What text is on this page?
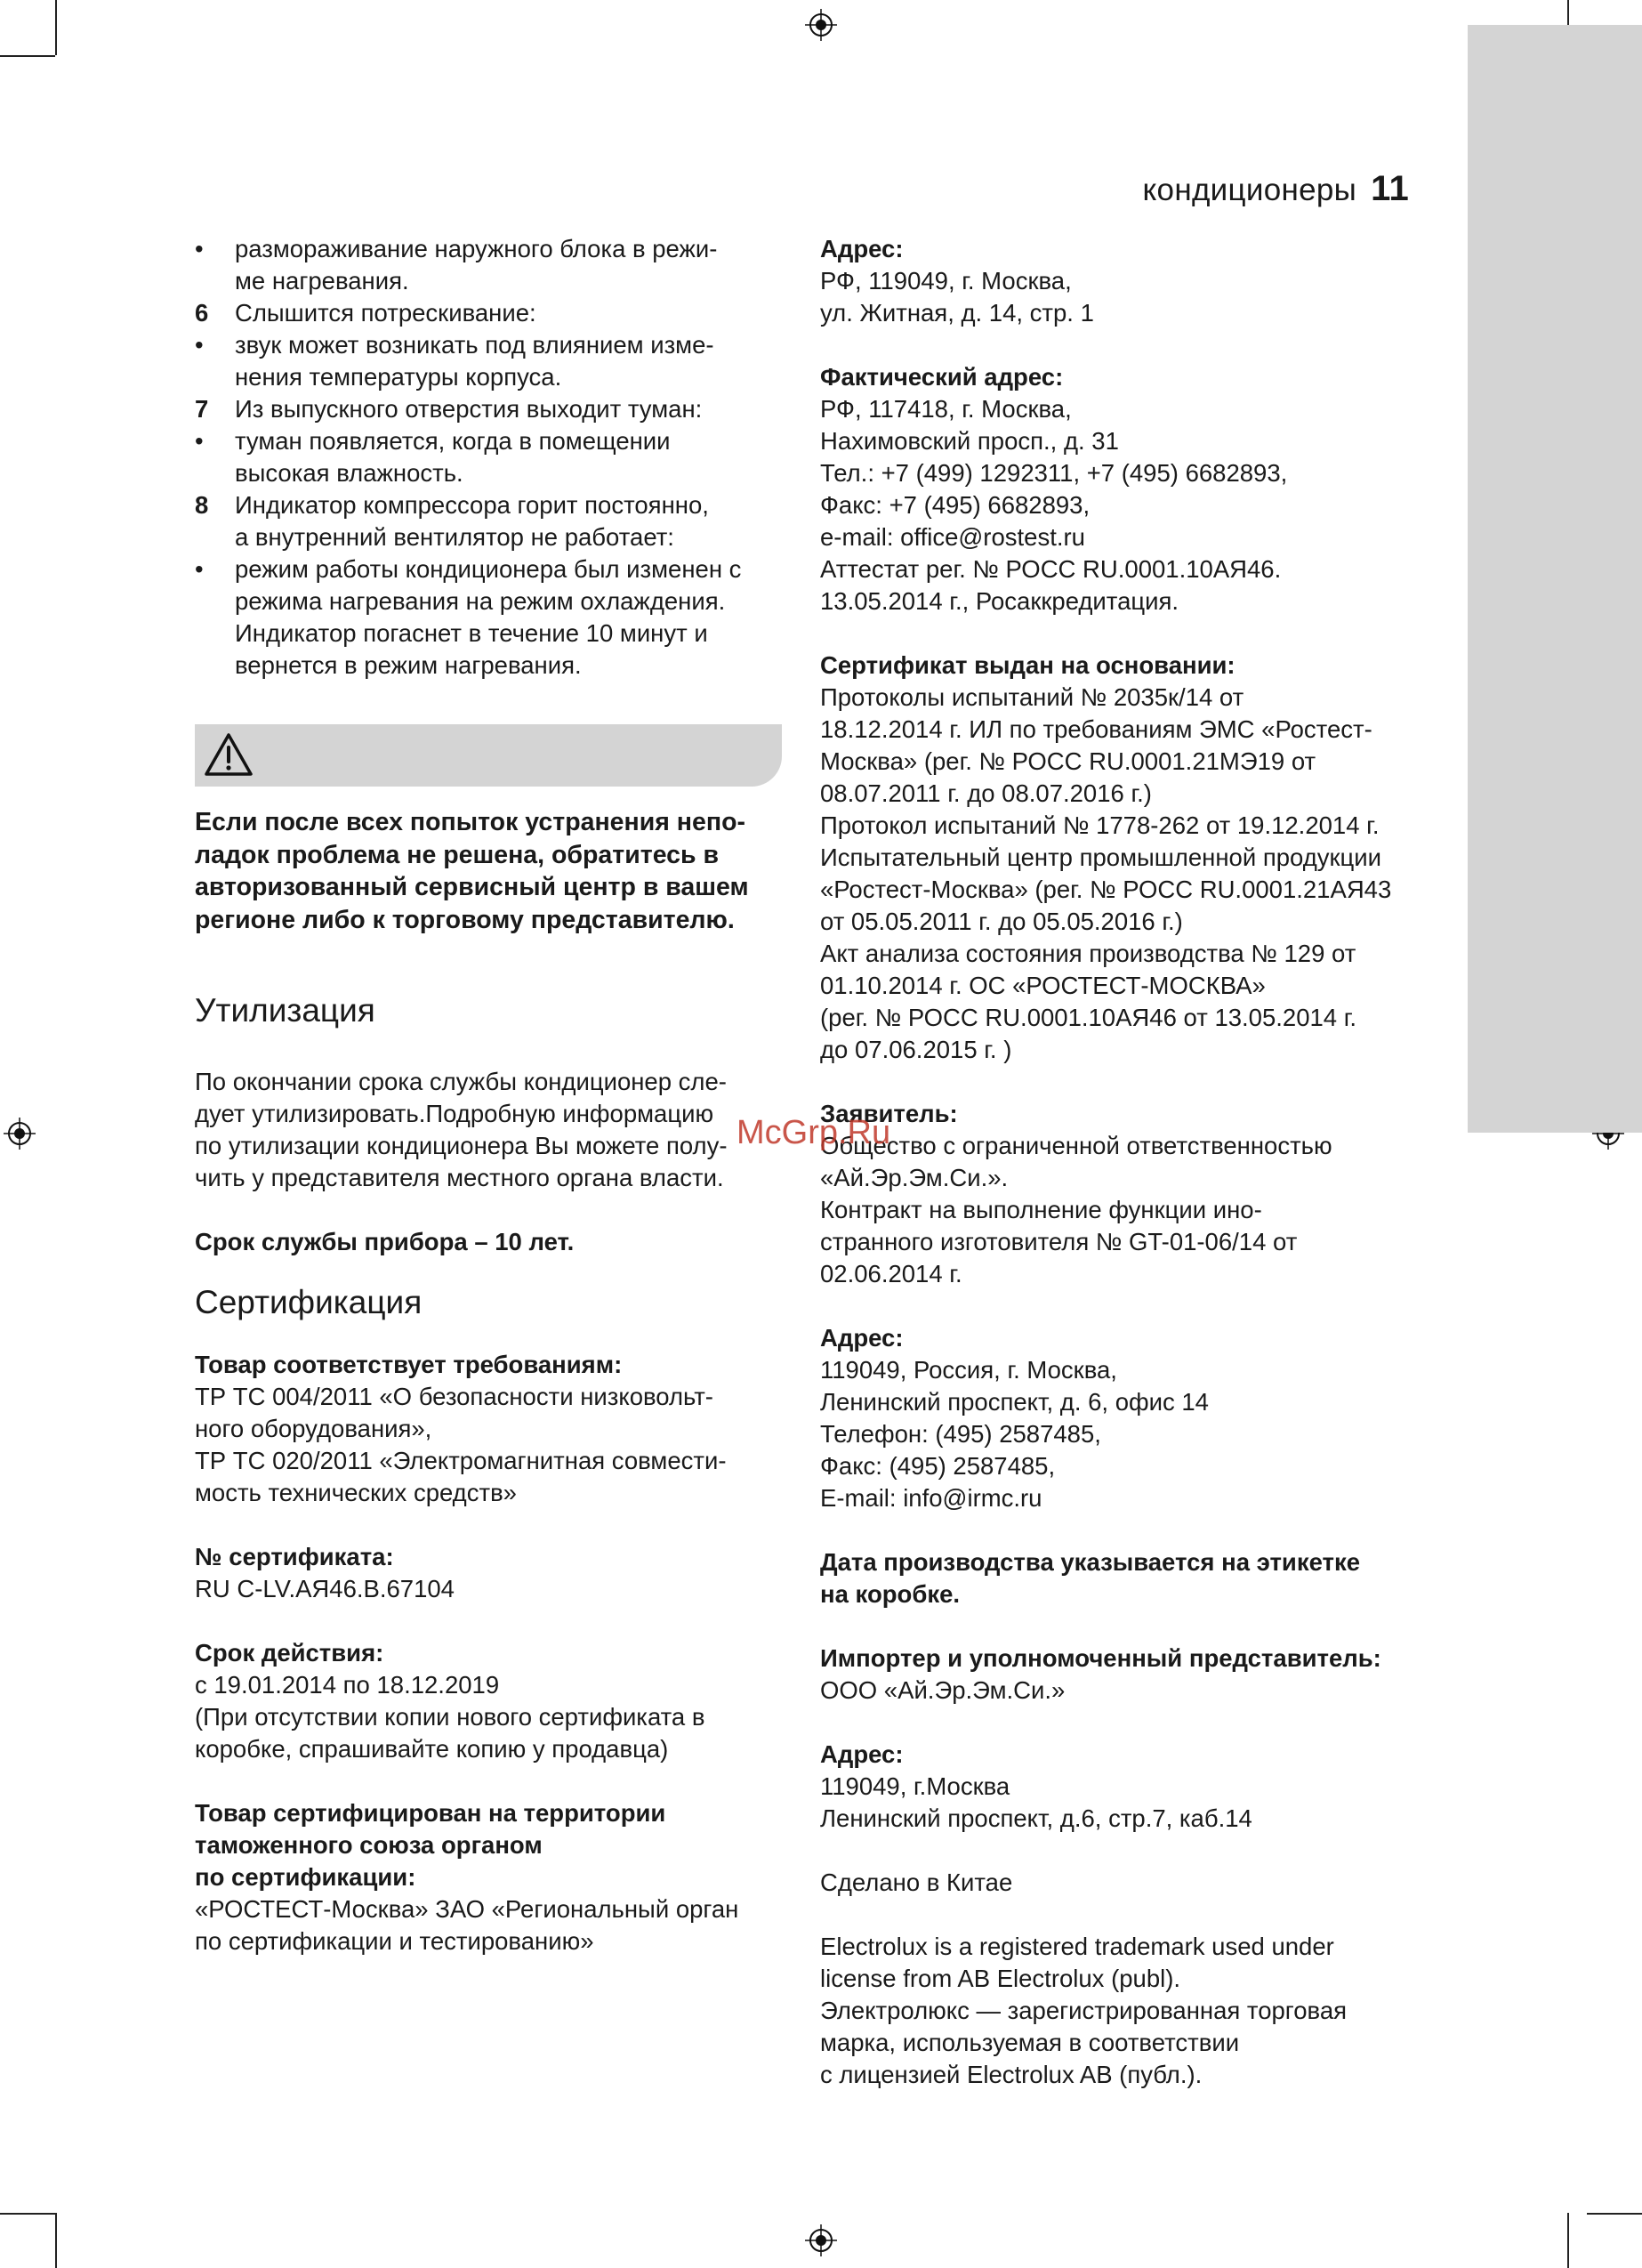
кондиционеры 11
•	размораживание наружного блока в режи-
ме нагревания.
6	Слышится потрескивание:
•	звук может возникать под влиянием изме-
нения температуры корпуса.
7	Из выпускного отверстия выходит туман:
•	туман появляется, когда в помещении
высокая влажность.
8	Индикатор компрессора горит постоянно,
а внутренний вентилятор не работает:
•	режим работы кондиционера был изменен с
режима нагревания на режим охлаждения.
Индикатор погаснет в течение 10 минут и
вернется в режим нагревания.
Если после всех попыток устранения непо-
ладок проблема не решена, обратитесь в
авторизованный сервисный центр в вашем
регионе либо к торговому представителю.
Утилизация
По окончании срока службы кондиционер сле-
дует утилизировать.Подробную информацию
по утилизации кондиционера Вы можете полу-
чить у представителя местного органа власти.
Срок службы прибора – 10 лет.
Сертификация
Товар соответствует требованиям:
ТР ТС 004/2011 «О безопасности низковольт-
ного оборудования»,
ТР ТС 020/2011 «Электромагнитная совмести-
мость технических средств»
№ сертификата:
RU C-LV.АЯ46.В.67104
Срок действия:
с 19.01.2014 по 18.12.2019
(При отсутствии копии нового сертификата в
коробке, спрашивайте копию у продавца)
Товар сертифицирован на территории
таможенного союза органом
по сертификации:
«РОСТЕСТ-Москва» ЗАО «Региональный орган
по сертификации и тестированию»
Адрес:
РФ, 119049, г. Москва,
ул. Житная, д. 14, стр. 1
Фактический адрес:
РФ, 117418, г. Москва,
Нахимовский просп., д. 31
Тел.: +7 (499) 1292311, +7 (495) 6682893,
Факс: +7 (495) 6682893,
e-mail: office@rostest.ru
Аттестат рег. № РОСС RU.0001.10АЯ46.
13.05.2014 г., Росаккредитация.
Сертификат выдан на основании:
Протоколы испытаний № 2035к/14 от
18.12.2014 г. ИЛ по требованиям ЭМС «Ростест-
Москва» (рег. № РОСС RU.0001.21МЭ19 от
08.07.2011 г. до 08.07.2016 г.)
Протокол испытаний № 1778-262 от 19.12.2014 г.
Испытательный центр промышленной продукции
«Ростест-Москва» (рег. № РОСС RU.0001.21АЯ43
от 05.05.2011 г. до 05.05.2016 г.)
Акт анализа состояния производства № 129 от
01.10.2014 г. ОС «РОСТЕСТ-МОСКВА»
(рег. № РОСС RU.0001.10АЯ46 от 13.05.2014 г.
до 07.06.2015 г. )
Заявитель:
Общество с ограниченной ответственностью
«Ай.Эр.Эм.Си.».
Контракт на выполнение функции ино-
странного изготовителя № GT-01-06/14 от
02.06.2014 г.
Адрес:
119049, Россия, г. Москва,
Ленинский проспект, д. 6, офис 14
Телефон: (495) 2587485,
Факс: (495) 2587485,
E-mail: info@irmc.ru
Дата производства указывается на этикетке
на коробке.
Импортер и уполномоченный представитель:
ООО «Ай.Эр.Эм.Си.»
Адрес:
119049, г.Москва
Ленинский проспект, д.6, стр.7, каб.14
Сделано в Китае
Electrolux is a registered trademark used under
license from AB Electrolux (publ).
Электролюкс — зарегистрированная торговая
марка, используемая в соответствии
с лицензией Electrolux AB (публ.).
McGrp.Ru
